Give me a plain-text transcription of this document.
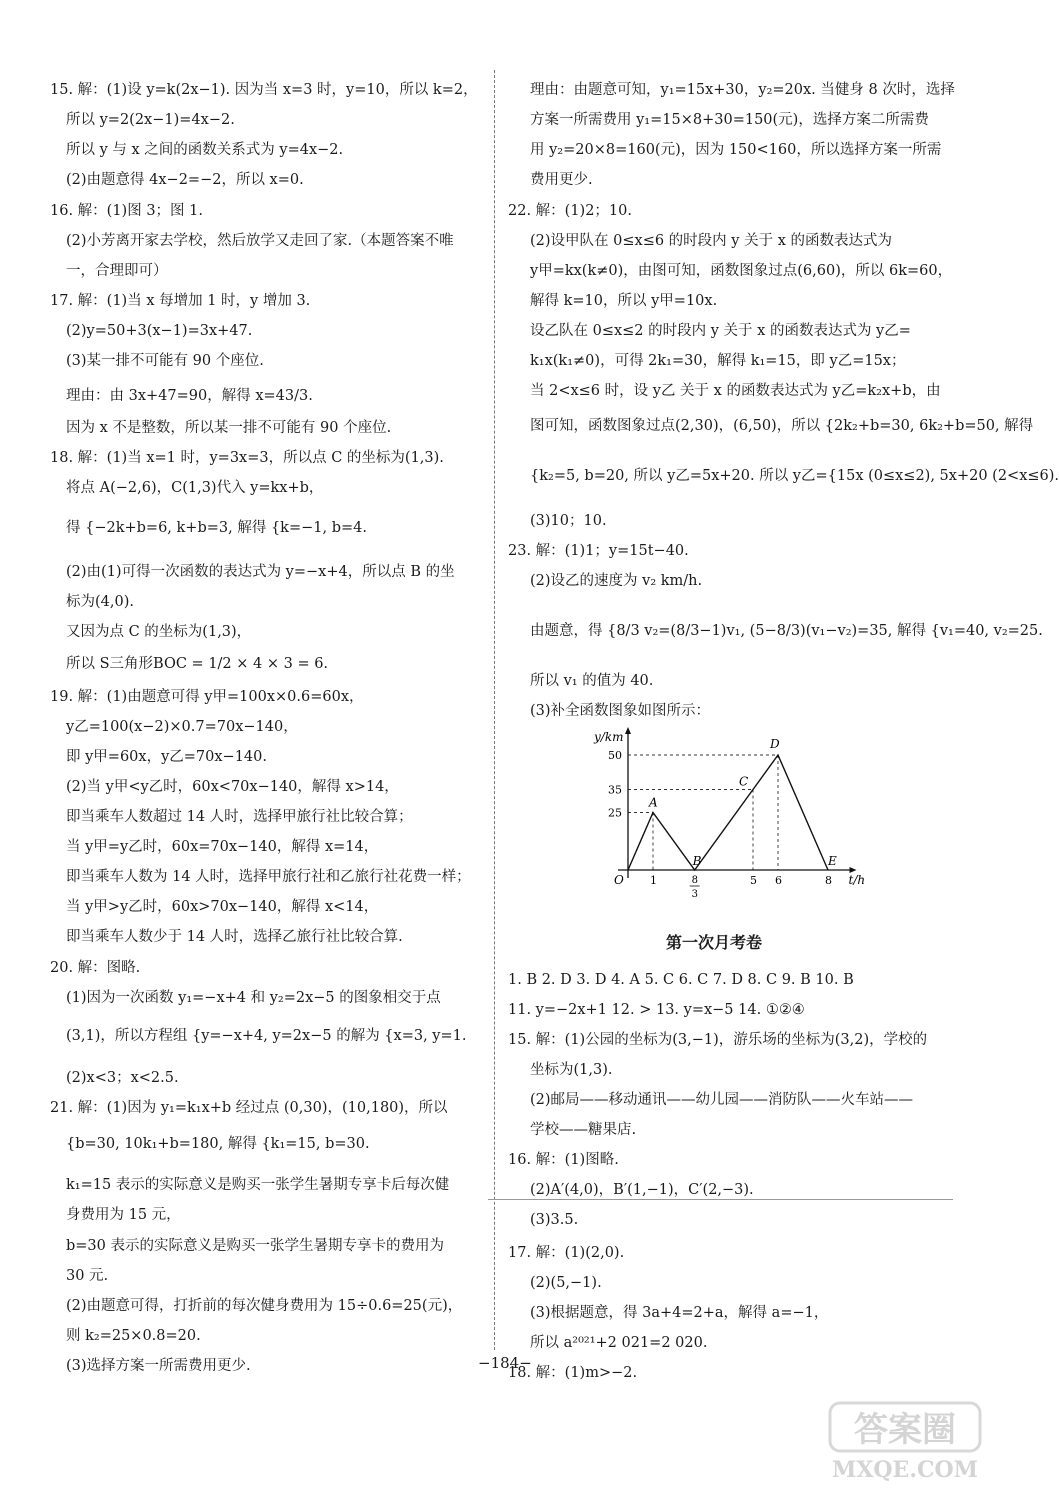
15. 解：(1)设 y=k(2x−1). 因为当 x=3 时，y=10，所以 k=2，
所以 y=2(2x−1)=4x−2.
所以 y 与 x 之间的函数关系式为 y=4x−2.
(2)由题意得 4x−2=−2，所以 x=0.
16. 解：(1)图 3；图 1.
(2)小芳离开家去学校，然后放学又走回了家.（本题答案不唯
一，合理即可）
17. 解：(1)当 x 每增加 1 时，y 增加 3.
(2)y=50+3(x−1)=3x+47.
(3)某一排不可能有 90 个座位.
理由：由 3x+47=90，解得 x=43/3.
因为 x 不是整数，所以某一排不可能有 90 个座位.
18. 解：(1)当 x=1 时，y=3x=3，所以点 C 的坐标为(1,3).
将点 A(−2,6)，C(1,3)代入 y=kx+b，
得 {−2k+b=6, k+b=3, 解得 {k=−1, b=4.
(2)由(1)可得一次函数的表达式为 y=−x+4，所以点 B 的坐
标为(4,0).
又因为点 C 的坐标为(1,3)，
所以 S三角形BOC = 1/2 × 4 × 3 = 6.
19. 解：(1)由题意可得 y甲=100x×0.6=60x，
y乙=100(x−2)×0.7=70x−140，
即 y甲=60x，y乙=70x−140.
(2)当 y甲<y乙时，60x<70x−140，解得 x>14，
即当乘车人数超过 14 人时，选择甲旅行社比较合算；
当 y甲=y乙时，60x=70x−140，解得 x=14，
即当乘车人数为 14 人时，选择甲旅行社和乙旅行社花费一样；
当 y甲>y乙时，60x>70x−140，解得 x<14，
即当乘车人数少于 14 人时，选择乙旅行社比较合算.
20. 解：图略.
(1)因为一次函数 y₁=−x+4 和 y₂=2x−5 的图象相交于点
(3,1)，所以方程组 {y=−x+4, y=2x−5 的解为 {x=3, y=1.
(2)x<3；x<2.5.
21. 解：(1)因为 y₁=k₁x+b 经过点 (0,30)，(10,180)，所以
{b=30, 10k₁+b=180, 解得 {k₁=15, b=30.
k₁=15 表示的实际意义是购买一张学生暑期专享卡后每次健
身费用为 15 元，
b=30 表示的实际意义是购买一张学生暑期专享卡的费用为
30 元.
(2)由题意可得，打折前的每次健身费用为 15÷0.6=25(元)，
则 k₂=25×0.8=20.
(3)选择方案一所需费用更少.
理由：由题意可知，y₁=15x+30，y₂=20x. 当健身 8 次时，选择
方案一所需费用 y₁=15×8+30=150(元)，选择方案二所需费
用 y₂=20×8=160(元)，因为 150<160，所以选择方案一所需
费用更少.
22. 解：(1)2；10.
(2)设甲队在 0≤x≤6 的时段内 y 关于 x 的函数表达式为
y甲=kx(k≠0)，由图可知，函数图象过点(6,60)，所以 6k=60，
解得 k=10，所以 y甲=10x.
设乙队在 0≤x≤2 的时段内 y 关于 x 的函数表达式为 y乙=
k₁x(k₁≠0)，可得 2k₁=30，解得 k₁=15，即 y乙=15x；
当 2<x≤6 时，设 y乙 关于 x 的函数表达式为 y乙=k₂x+b，由
图可知，函数图象过点(2,30)，(6,50)，所以 {2k₂+b=30, 6k₂+b=50, 解得
{k₂=5, b=20, 所以 y乙=5x+20. 所以 y乙={15x (0≤x≤2), 5x+20 (2<x≤6).
(3)10；10.
23. 解：(1)1；y=15t−40.
(2)设乙的速度为 v₂ km/h.
由题意，得 {8/3 v₂=(8/3−1)v₁, (5−8/3)(v₁−v₂)=35, 解得 {v₁=40, v₂=25.
所以 v₁ 的值为 40.
(3)补全函数图象如图所示：
y/km
t/h
O
A
B
C
D
E
25
35
50
1	8
3
5 6	8
第一次月考卷
1. B 2. D 3. D 4. A 5. C 6. C 7. D 8. C 9. B 10. B
11. y=−2x+1 12. > 13. y=x−5 14. ①②④
15. 解：(1)公园的坐标为(3,−1)，游乐场的坐标为(3,2)，学校的
坐标为(1,3).
(2)邮局——移动通讯——幼儿园——消防队——火车站——
学校——糖果店.
16. 解：(1)图略.
(2)A′(4,0)，B′(1,−1)，C′(2,−3).
(3)3.5.
17. 解：(1)(2,0).
(2)(5,−1).
(3)根据题意，得 3a+4=2+a，解得 a=−1，
所以 a²⁰²¹+2 021=2 020.
18. 解：(1)m>−2.
−184−
答案圈
MXQE.COM
